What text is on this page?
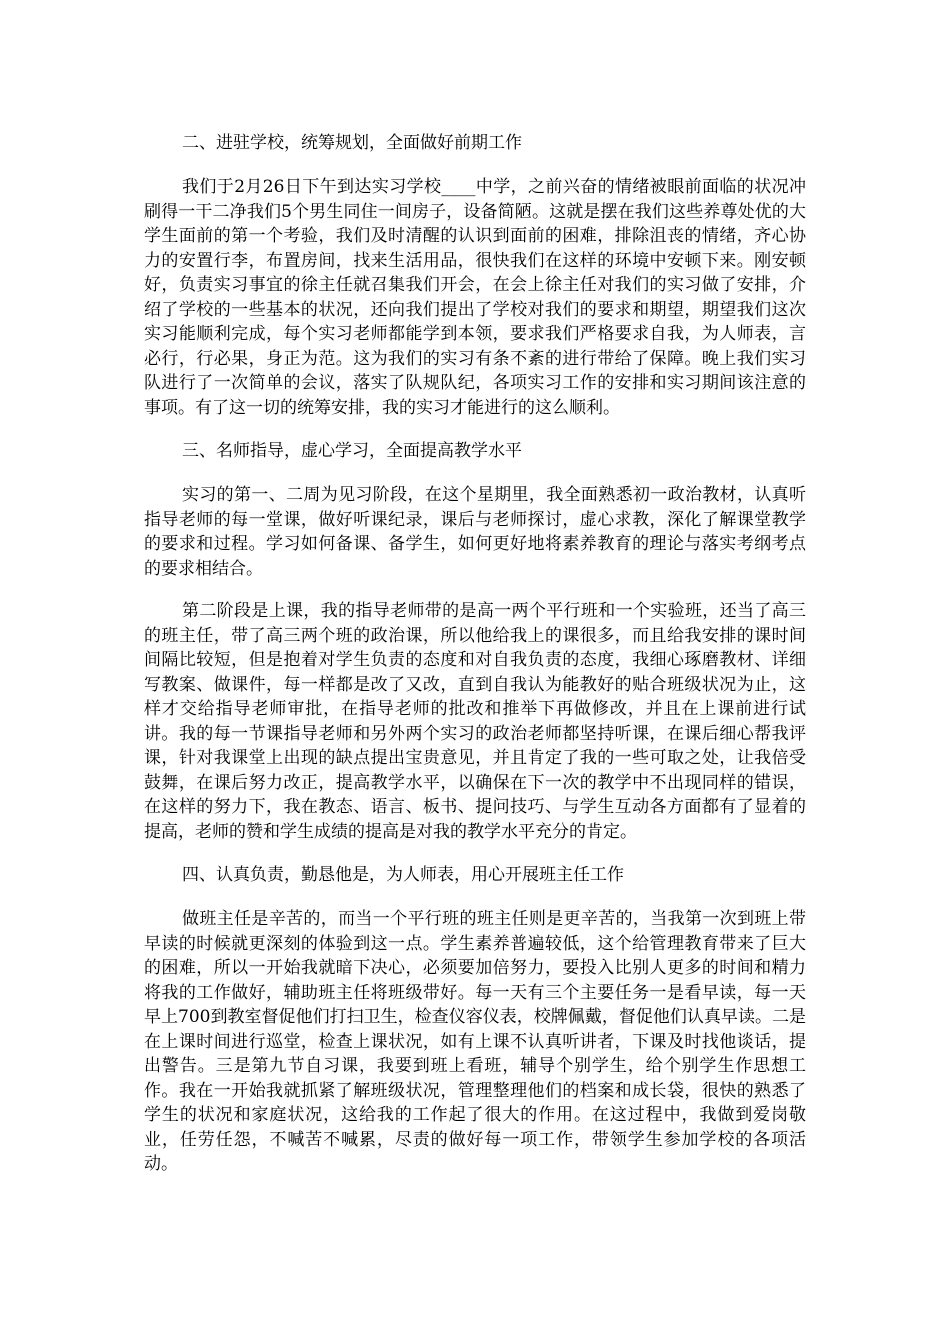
二、进驻学校，统筹规划，全面做好前期工作

我们于2月26日下午到达实习学校____中学，之前兴奋的情绪被眼前面临的状况冲刷得一干二净我们5个男生同住一间房子，设备简陋。这就是摆在我们这些养尊处优的大学生面前的第一个考验，我们及时清醒的认识到面前的困难，排除沮丧的情绪，齐心协力的安置行李，布置房间，找来生活用品，很快我们在这样的环境中安顿下来。刚安顿好，负责实习事宜的徐主任就召集我们开会，在会上徐主任对我们的实习做了安排，介绍了学校的一些基本的状况，还向我们提出了学校对我们的要求和期望，期望我们这次实习能顺利完成，每个实习老师都能学到本领，要求我们严格要求自我，为人师表，言必行，行必果，身正为范。这为我们的实习有条不紊的进行带给了保障。晚上我们实习队进行了一次简单的会议，落实了队规队纪，各项实习工作的安排和实习期间该注意的事项。有了这一切的统筹安排，我的实习才能进行的这么顺利。

三、名师指导，虚心学习，全面提高教学水平

实习的第一、二周为见习阶段，在这个星期里，我全面熟悉初一政治教材，认真听指导老师的每一堂课，做好听课纪录，课后与老师探讨，虚心求教，深化了解课堂教学的要求和过程。学习如何备课、备学生，如何更好地将素养教育的理论与落实考纲考点的要求相结合。

第二阶段是上课，我的指导老师带的是高一两个平行班和一个实验班，还当了高三的班主任，带了高三两个班的政治课，所以他给我上的课很多，而且给我安排的课时间间隔比较短，但是抱着对学生负责的态度和对自我负责的态度，我细心琢磨教材、详细写教案、做课件，每一样都是改了又改，直到自我认为能教好的贴合班级状况为止，这样才交给指导老师审批，在指导老师的批改和推举下再做修改，并且在上课前进行试讲。我的每一节课指导老师和另外两个实习的政治老师都坚持听课，在课后细心帮我评课，针对我课堂上出现的缺点提出宝贵意见，并且肯定了我的一些可取之处，让我倍受鼓舞，在课后努力改正，提高教学水平，以确保在下一次的教学中不出现同样的错误，在这样的努力下，我在教态、语言、板书、提问技巧、与学生互动各方面都有了显着的提高，老师的赞和学生成绩的提高是对我的教学水平充分的肯定。

四、认真负责，勤恳他是，为人师表，用心开展班主任工作

做班主任是辛苦的，而当一个平行班的班主任则是更辛苦的，当我第一次到班上带早读的时候就更深刻的体验到这一点。学生素养普遍较低，这个给管理教育带来了巨大的困难，所以一开始我就暗下决心，必须要加倍努力，要投入比别人更多的时间和精力将我的工作做好，辅助班主任将班级带好。每一天有三个主要任务一是看早读，每一天早上700到教室督促他们打扫卫生，检查仪容仪表，校牌佩戴，督促他们认真早读。二是在上课时间进行巡堂，检查上课状况，如有上课不认真听讲者，下课及时找他谈话，提出警告。三是第九节自习课，我要到班上看班，辅导个别学生，给个别学生作思想工作。我在一开始我就抓紧了解班级状况，管理整理他们的档案和成长袋，很快的熟悉了学生的状况和家庭状况，这给我的工作起了很大的作用。在这过程中，我做到爱岗敬业，任劳任怨，不喊苦不喊累，尽责的做好每一项工作，带领学生参加学校的各项活动。
